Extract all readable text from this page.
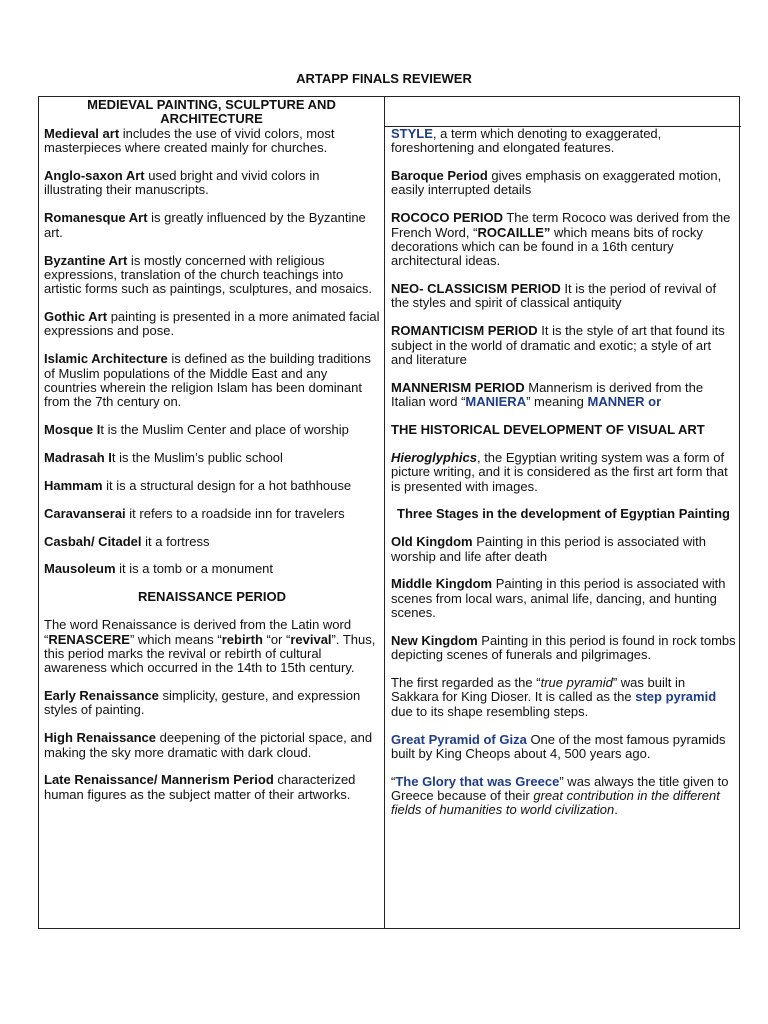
ARTAPP FINALS REVIEWER
MEDIEVAL PAINTING, SCULPTURE AND ARCHITECTURE

Medieval art includes the use of vivid colors, most masterpieces where created mainly for churches.

Anglo-saxon Art used bright and vivid colors in illustrating their manuscripts.

Romanesque Art is greatly influenced by the Byzantine art.

Byzantine Art is mostly concerned with religious expressions, translation of the church teachings into artistic forms such as paintings, sculptures, and mosaics.

Gothic Art painting is presented in a more animated facial expressions and pose.

Islamic Architecture is defined as the building traditions of Muslim populations of the Middle East and any countries wherein the religion Islam has been dominant from the 7th century on.

Mosque It is the Muslim Center and place of worship

Madrasah It is the Muslim’s public school

Hammam it is a structural design for a hot bathhouse

Caravanserai it refers to a roadside inn for travelers

Casbah/ Citadel it a fortress

Mausoleum it is a tomb or a monument

RENAISSANCE PERIOD

The word Renaissance is derived from the Latin word “RENASCERE” which means “rebirth “or “revival”. Thus, this period marks the revival or rebirth of cultural awareness which occurred in the 14th to 15th century.

Early Renaissance simplicity, gesture, and expression styles of painting.

High Renaissance deepening of the pictorial space, and making the sky more dramatic with dark cloud.

Late Renaissance/ Mannerism Period characterized human figures as the subject matter of their artworks.

STYLE, a term which denoting to exaggerated, foreshortening and elongated features.

Baroque Period gives emphasis on exaggerated motion, easily interrupted details

ROCOCO PERIOD The term Rococo was derived from the French Word, “ROCAILLE” which means bits of rocky decorations which can be found in a 16th century architectural ideas.

NEO- CLASSICISM PERIOD It is the period of revival of the styles and spirit of classical antiquity

ROMANTICISM PERIOD It is the style of art that found its subject in the world of dramatic and exotic; a style of art and literature

MANNERISM PERIOD Mannerism is derived from the Italian word “MANIERA” meaning MANNER or

THE HISTORICAL DEVELOPMENT OF VISUAL ART

Hieroglyphics, the Egyptian writing system was a form of picture writing, and it is considered as the first art form that is presented with images.

Three Stages in the development of Egyptian Painting

Old Kingdom Painting in this period is associated with worship and life after death

Middle Kingdom Painting in this period is associated with scenes from local wars, animal life, dancing, and hunting scenes.

New Kingdom Painting in this period is found in rock tombs depicting scenes of funerals and pilgrimages.

The first regarded as the “true pyramid” was built in Sakkara for King Dioser. It is called as the step pyramid due to its shape resembling steps.

Great Pyramid of Giza One of the most famous pyramids built by King Cheops about 4, 500 years ago.

“The Glory that was Greece” was always the title given to Greece because of their great contribution in the different fields of humanities to world civilization.
